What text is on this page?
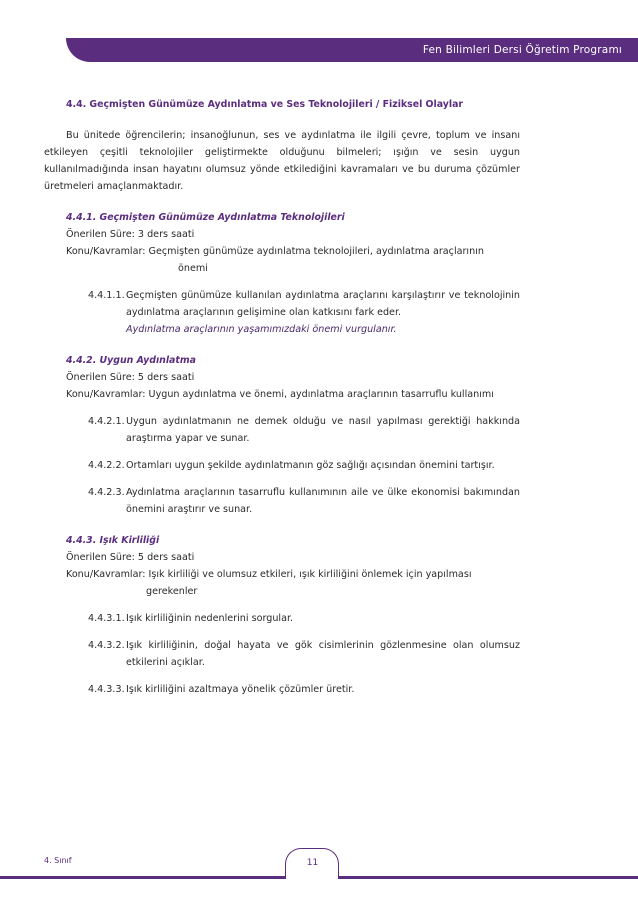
Fen Bilimleri Dersi Öğretim Programı
4.4. Geçmişten Günümüze Aydınlatma ve Ses Teknolojileri / Fiziksel Olaylar
Bu ünitede öğrencilerin; insanoğlunun, ses ve aydınlatma ile ilgili çevre, toplum ve insanı etkileyen çeşitli teknolojiler geliştirmekte olduğunu bilmeleri; ışığın ve sesin uygun kullanılmadığında insan hayatını olumsuz yönde etkilediğini kavramaları ve bu duruma çözümler üretmeleri amaçlanmaktadır.
4.4.1. Geçmişten Günümüze Aydınlatma Teknolojileri
Önerilen Süre: 3 ders saati
Konu/Kavramlar:
Geçmişten günümüze aydınlatma teknolojileri, aydınlatma araçlarının
önemi
4.4.1.1. Geçmişten günümüze kullanılan aydınlatma araçlarını karşılaştırır ve teknolojinin aydınlatma araçlarının gelişimine olan katkısını fark eder.
Aydınlatma araçlarının yaşamımızdaki önemi vurgulanır.
4.4.2. Uygun Aydınlatma
Önerilen Süre: 5 ders saati
Konu/Kavramlar:
Uygun aydınlatma ve önemi, aydınlatma araçlarının tasarruflu kullanımı
4.4.2.1. Uygun aydınlatmanın ne demek olduğu ve nasıl yapılması gerektiği hakkında araştırma yapar ve sunar.
4.4.2.2. Ortamları uygun şekilde aydınlatmanın göz sağlığı açısından önemini tartışır.
4.4.2.3. Aydınlatma araçlarının tasarruflu kullanımının aile ve ülke ekonomisi bakımından önemini araştırır ve sunar.
4.4.3. Işık Kirliliği
Önerilen Süre: 5 ders saati
Konu/Kavramlar:
Işık kirliliği ve olumsuz etkileri, ışık kirliliğini önlemek için yapılması
gerekenler
4.4.3.1. Işık kirliliğinin nedenlerini sorgular.
4.4.3.2. Işık kirliliğinin, doğal hayata ve gök cisimlerinin gözlenmesine olan olumsuz etkilerini açıklar.
4.4.3.3. Işık kirliliğini azaltmaya yönelik çözümler üretir.
11
4. Sınıf
